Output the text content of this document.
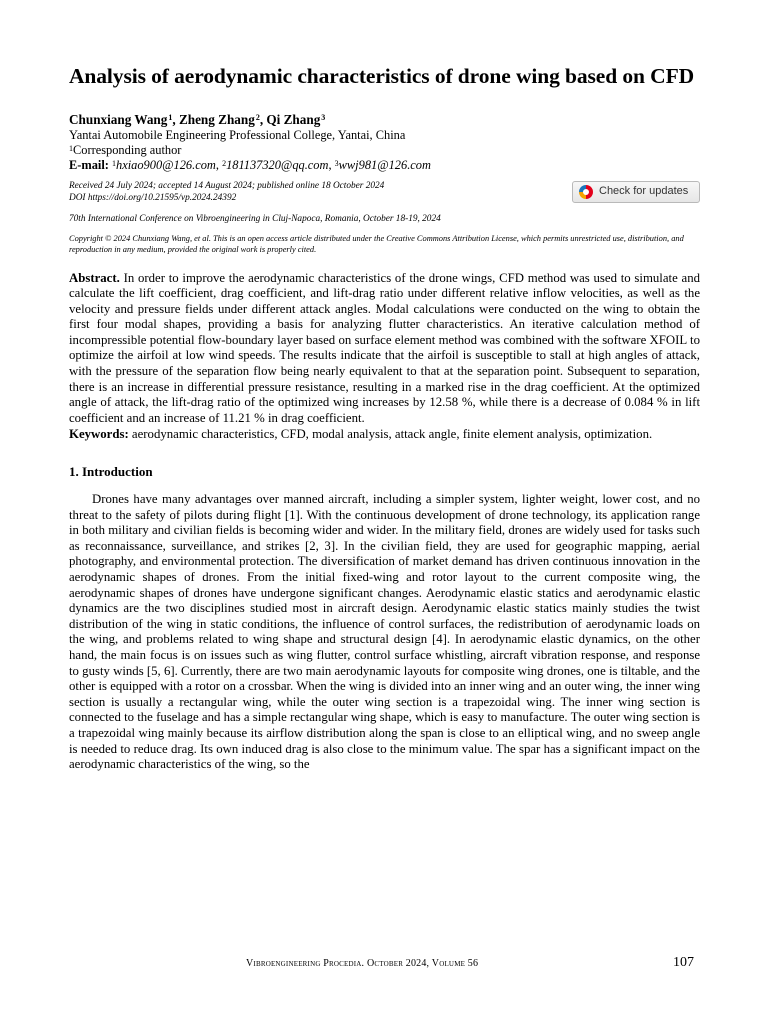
Analysis of aerodynamic characteristics of drone wing based on CFD
Chunxiang Wang$^1$, Zheng Zhang$^2$, Qi Zhang$^3$
Yantai Automobile Engineering Professional College, Yantai, China
$^1$Corresponding author
E-mail: $^1$hxiao900@126.com, $^2$181137320@qq.com, $^3$wwj981@126.com
Received 24 July 2024; accepted 14 August 2024; published online 18 October 2024
DOI https://doi.org/10.21595/vp.2024.24392
Check for updates
70th International Conference on Vibroengineering in Cluj-Napoca, Romania, October 18-19, 2024
Copyright © 2024 Chunxiang Wang, et al. This is an open access article distributed under the Creative Commons Attribution License, which permits unrestricted use, distribution, and reproduction in any medium, provided the original work is properly cited.

Abstract. In order to improve the aerodynamic characteristics of the drone wings, CFD method was used to simulate and calculate the lift coefficient, drag coefficient, and lift-drag ratio under different relative inflow velocities, as well as the velocity and pressure fields under different attack angles. Modal calculations were conducted on the wing to obtain the first four modal shapes, providing a basis for analyzing flutter characteristics. An iterative calculation method of incompressible potential flow-boundary layer based on surface element method was combined with the software XFOIL to optimize the airfoil at low wind speeds. The results indicate that the airfoil is susceptible to stall at high angles of attack, with the pressure of the separation flow being nearly equivalent to that at the separation point. Subsequent to separation, there is an increase in differential pressure resistance, resulting in a marked rise in the drag coefficient. At the optimized angle of attack, the lift-drag ratio of the optimized wing increases by 12.58 %, while there is a decrease of 0.084 % in lift coefficient and an increase of 11.21 % in drag coefficient.

Keywords: aerodynamic characteristics, CFD, modal analysis, attack angle, finite element analysis, optimization.

1. Introduction

Drones have many advantages over manned aircraft, including a simpler system, lighter weight, lower cost, and no threat to the safety of pilots during flight [1]. With the continuous development of drone technology, its application range in both military and civilian fields is becoming wider and wider. In the military field, drones are widely used for tasks such as reconnaissance, surveillance, and strikes [2, 3]. In the civilian field, they are used for geographic mapping, aerial photography, and environmental protection. The diversification of market demand has driven continuous innovation in the aerodynamic shapes of drones. From the initial fixed-wing and rotor layout to the current composite wing, the aerodynamic shapes of drones have undergone significant changes. Aerodynamic elastic statics and aerodynamic elastic dynamics are the two disciplines studied most in aircraft design. Aerodynamic elastic statics mainly studies the twist distribution of the wing in static conditions, the influence of control surfaces, the redistribution of aerodynamic loads on the wing, and problems related to wing shape and structural design [4]. In aerodynamic elastic dynamics, on the other hand, the main focus is on issues such as wing flutter, control surface whistling, aircraft vibration response, and response to gusty winds [5, 6]. Currently, there are two main aerodynamic layouts for composite wing drones, one is tiltable, and the other is equipped with a rotor on a crossbar. When the wing is divided into an inner wing and an outer wing, the inner wing section is usually a rectangular wing, while the outer wing section is a trapezoidal wing. The inner wing section is connected to the fuselage and has a simple rectangular wing shape, which is easy to manufacture. The outer wing section is a trapezoidal wing mainly because its airflow distribution along the span is close to an elliptical wing, and no sweep angle is needed to reduce drag. Its own induced drag is also close to the minimum value. The spar has a significant impact on the aerodynamic characteristics of the wing, so the

Vibroengineering Procedia. October 2024, Volume 56	107
